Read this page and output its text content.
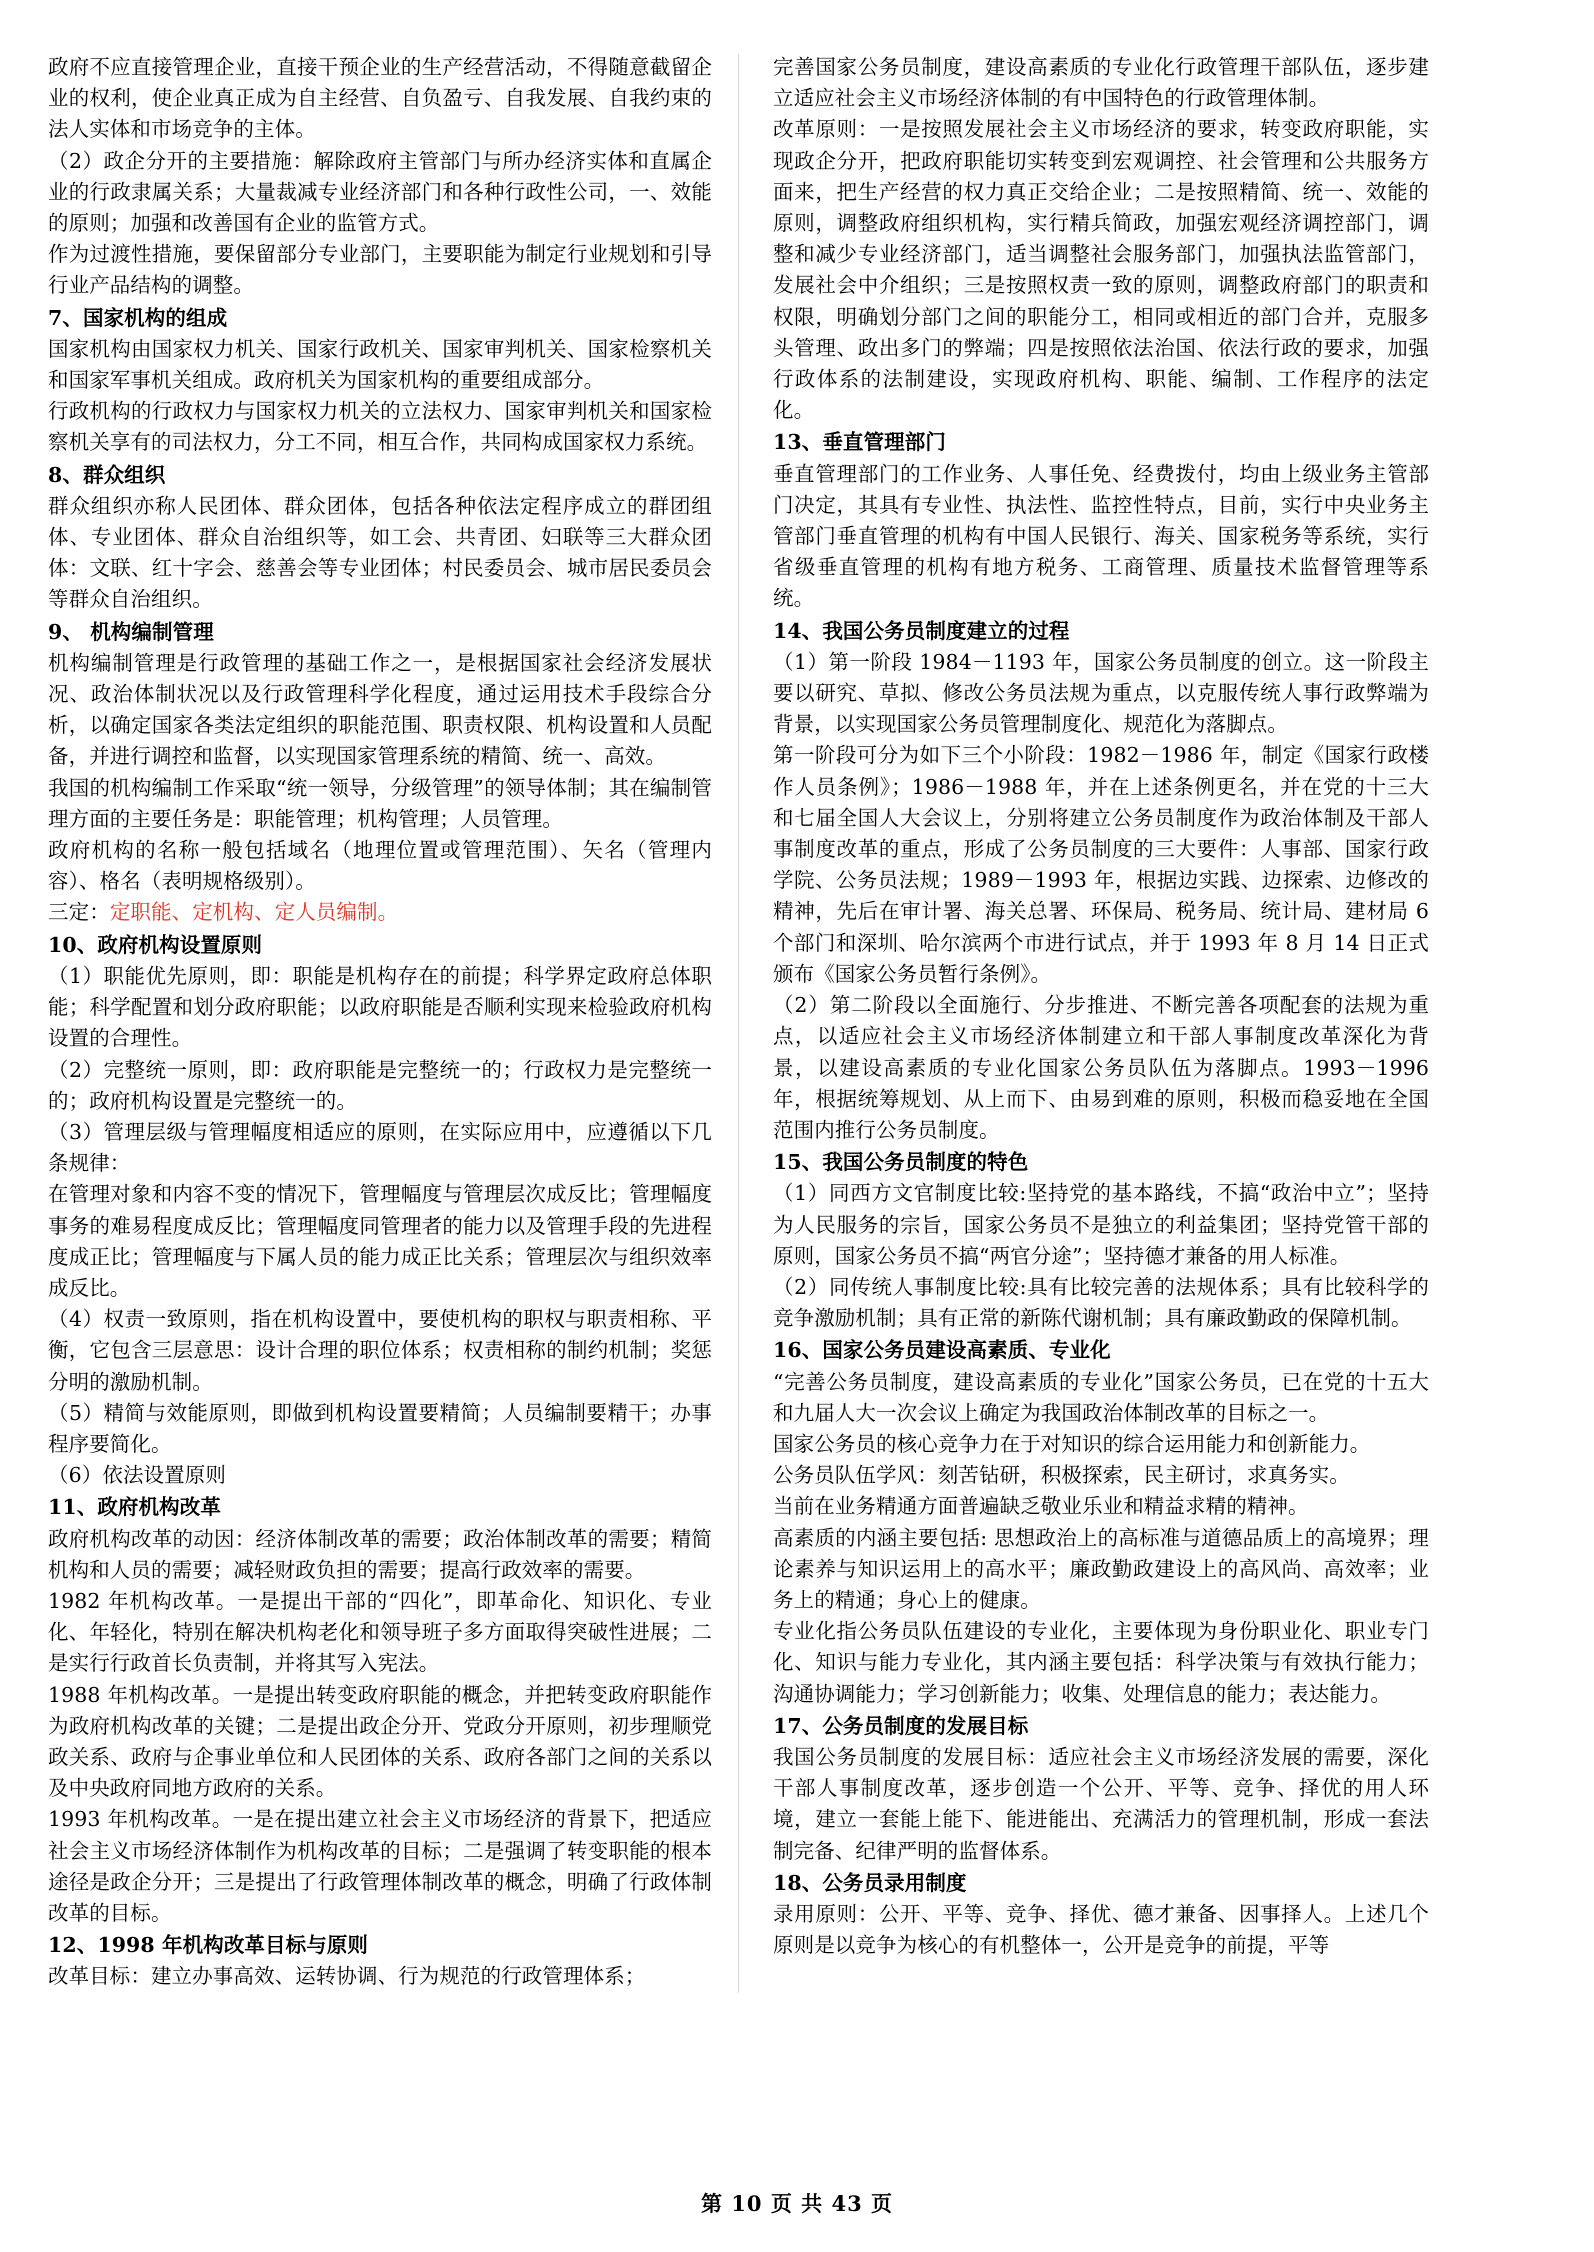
政府不应直接管理企业，直接干预企业的生产经营活动，不得随意截留企业的权利，使企业真正成为自主经营、自负盈亏、自我发展、自我约束的法人实体和市场竞争的主体。

（2）政企分开的主要措施：解除政府主管部门与所办经济实体和直属企业的行政隶属关系；大量裁减专业经济部门和各种行政性公司，一、效能的原则；加强和改善国有企业的监管方式。

作为过渡性措施，要保留部分专业部门，主要职能为制定行业规划和引导行业产品结构的调整。

7、国家机构的组成

国家机构由国家权力机关、国家行政机关、国家审判机关、国家检察机关和国家军事机关组成。政府机关为国家机构的重要组成部分。

行政机构的行政权力与国家权力机关的立法权力、国家审判机关和国家检察机关享有的司法权力，分工不同，相互合作，共同构成国家权力系统。

8、群众组织

群众组织亦称人民团体、群众团体，包括各种依法定程序成立的群团组体、专业团体、群众自治组织等，如工会、共青团、妇联等三大群众团体：文联、红十字会、慈善会等专业团体；村民委员会、城市居民委员会等群众自治组织。

9、 机构编制管理

机构编制管理是行政管理的基础工作之一，是根据国家社会经济发展状况、政治体制状况以及行政管理科学化程度，通过运用技术手段综合分析，以确定国家各类法定组织的职能范围、职责权限、机构设置和人员配备，并进行调控和监督，以实现国家管理系统的精简、统一、高效。

我国的机构编制工作采取“统一领导，分级管理”的领导体制；其在编制管理方面的主要任务是：职能管理；机构管理；人员管理。

政府机构的名称一般包括域名（地理位置或管理范围）、矢名（管理内容）、格名（表明规格级别）。

三定：定职能、定机构、定人员编制。

10、政府机构设置原则

（1）职能优先原则，即：职能是机构存在的前提；科学界定政府总体职能；科学配置和划分政府职能；以政府职能是否顺利实现来检验政府机构设置的合理性。

（2）完整统一原则，即：政府职能是完整统一的；行政权力是完整统一的；政府机构设置是完整统一的。

（3）管理层级与管理幅度相适应的原则，在实际应用中，应遵循以下几条规律：

在管理对象和内容不变的情况下，管理幅度与管理层次成反比；管理幅度事务的难易程度成反比；管理幅度同管理者的能力以及管理手段的先进程度成正比；管理幅度与下属人员的能力成正比关系；管理层次与组织效率成反比。

（4）权责一致原则，指在机构设置中，要使机构的职权与职责相称、平衡，它包含三层意思：设计合理的职位体系；权责相称的制约机制；奖惩分明的激励机制。

（5）精简与效能原则，即做到机构设置要精简；人员编制要精干；办事程序要简化。

（6）依法设置原则

11、政府机构改革

政府机构改革的动因：经济体制改革的需要；政治体制改革的需要；精简机构和人员的需要；减轻财政负担的需要；提高行政效率的需要。

1982 年机构改革。一是提出干部的“四化”，即革命化、知识化、专业化、年轻化，特别在解决机构老化和领导班子多方面取得突破性进展；二是实行行政首长负责制，并将其写入宪法。

1988 年机构改革。一是提出转变政府职能的概念，并把转变政府职能作为政府机构改革的关键；二是提出政企分开、党政分开原则，初步理顺党政关系、政府与企事业单位和人民团体的关系、政府各部门之间的关系以及中央政府同地方政府的关系。

1993 年机构改革。一是在提出建立社会主义市场经济的背景下，把适应社会主义市场经济体制作为机构改革的目标；二是强调了转变职能的根本途径是政企分开；三是提出了行政管理体制改革的概念，明确了行政体制改革的目标。

12、1998 年机构改革目标与原则

改革目标：建立办事高效、运转协调、行为规范的行政管理体系；

完善国家公务员制度，建设高素质的专业化行政管理干部队伍，逐步建立适应社会主义市场经济体制的有中国特色的行政管理体制。

改革原则：一是按照发展社会主义市场经济的要求，转变政府职能，实现政企分开，把政府职能切实转变到宏观调控、社会管理和公共服务方面来，把生产经营的权力真正交给企业；二是按照精简、统一、效能的原则，调整政府组织机构，实行精兵简政，加强宏观经济调控部门，调整和减少专业经济部门，适当调整社会服务部门，加强执法监管部门，发展社会中介组织；三是按照权责一致的原则，调整政府部门的职责和权限，明确划分部门之间的职能分工，相同或相近的部门合并，克服多头管理、政出多门的弊端；四是按照依法治国、依法行政的要求，加强行政体系的法制建设，实现政府机构、职能、编制、工作程序的法定化。

13、垂直管理部门

垂直管理部门的工作业务、人事任免、经费拨付，均由上级业务主管部门决定，其具有专业性、执法性、监控性特点，目前，实行中央业务主管部门垂直管理的机构有中国人民银行、海关、国家税务等系统，实行省级垂直管理的机构有地方税务、工商管理、质量技术监督管理等系统。

14、我国公务员制度建立的过程

（1）第一阶段 1984－1193 年，国家公务员制度的创立。这一阶段主要以研究、草拟、修改公务员法规为重点，以克服传统人事行政弊端为背景，以实现国家公务员管理制度化、规范化为落脚点。

第一阶段可分为如下三个小阶段：1982－1986 年，制定《国家行政楼 作人员条例》；1986－1988 年，并在上述条例更名，并在党的十三大和七届全国人大会议上，分别将建立公务员制度作为政治体制及干部人事制度改革的重点，形成了公务员制度的三大要件：人事部、国家行政学院、公务员法规；1989－1993 年，根据边实践、边探索、边修改的精神，先后在审计署、海关总署、环保局、税务局、统计局、建材局 6 个部门和深圳、哈尔滨两个市进行试点，并于 1993 年 8 月 14 日正式颁布《国家公务员暂行条例》。

（2）第二阶段以全面施行、分步推进、不断完善各项配套的法规为重点，以适应社会主义市场经济体制建立和干部人事制度改革深化为背景，以建设高素质的专业化国家公务员队伍为落脚点。1993－1996 年，根据统筹规划、从上而下、由易到难的原则，积极而稳妥地在全国范围内推行公务员制度。

15、我国公务员制度的特色

（1）同西方文官制度比较:坚持党的基本路线，不搞“政治中立”；坚持为人民服务的宗旨，国家公务员不是独立的利益集团；坚持党管干部的原则，国家公务员不搞“两官分途”；坚持德才兼备的用人标准。

（2）同传统人事制度比较:具有比较完善的法规体系；具有比较科学的竞争激励机制；具有正常的新陈代谢机制；具有廉政勤政的保障机制。

16、国家公务员建设高素质、专业化

“完善公务员制度，建设高素质的专业化”国家公务员，已在党的十五大和九届人大一次会议上确定为我国政治体制改革的目标之一。

国家公务员的核心竞争力在于对知识的综合运用能力和创新能力。

公务员队伍学风：刻苦钻研，积极探索，民主研讨，求真务实。

当前在业务精通方面普遍缺乏敬业乐业和精益求精的精神。

高素质的内涵主要包括: 思想政治上的高标准与道德品质上的高境界；理论素养与知识运用上的高水平；廉政勤政建设上的高风尚、高效率；业务上的精通；身心上的健康。

专业化指公务员队伍建设的专业化，主要体现为身份职业化、职业专门化、知识与能力专业化，其内涵主要包括：科学决策与有效执行能力；沟通协调能力；学习创新能力；收集、处理信息的能力；表达能力。

17、公务员制度的发展目标

我国公务员制度的发展目标：适应社会主义市场经济发展的需要，深化干部人事制度改革，逐步创造一个公开、平等、竞争、择优的用人环境，建立一套能上能下、能进能出、充满活力的管理机制，形成一套法制完备、纪律严明的监督体系。

18、公务员录用制度

录用原则：公开、平等、竞争、择优、德才兼备、因事择人。上述几个原则是以竞争为核心的有机整体一，公开是竞争的前提，平等

第 10 页 共 43 页
